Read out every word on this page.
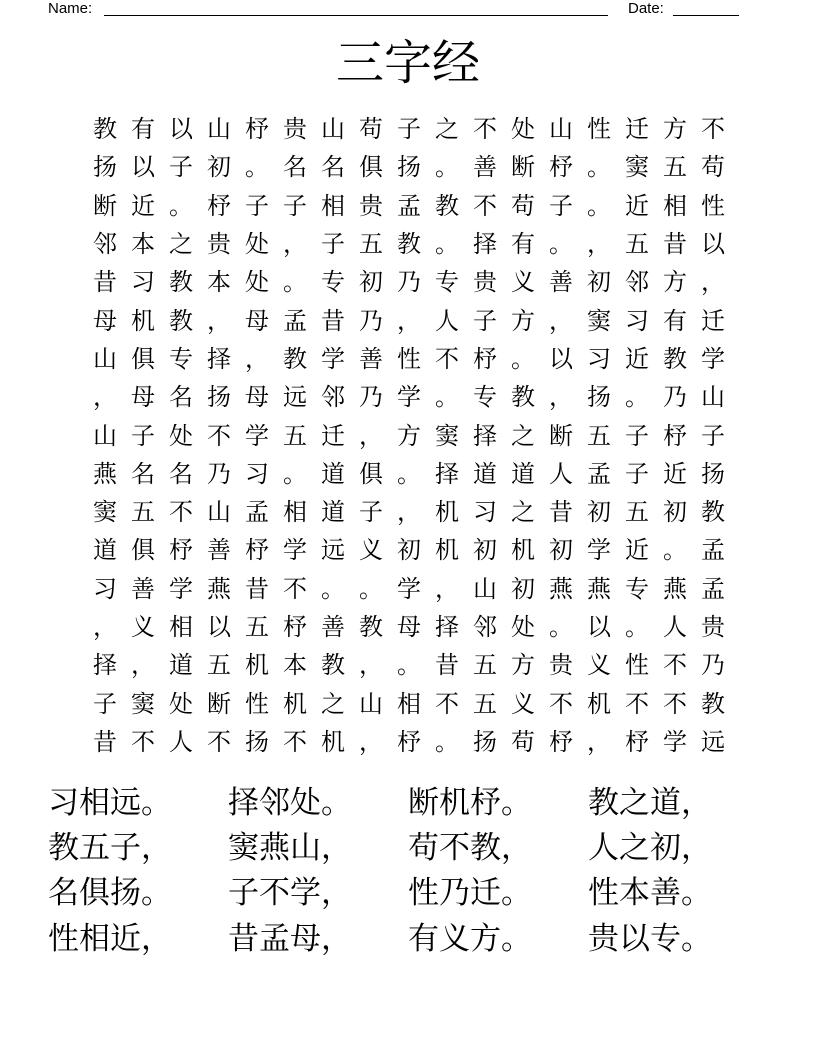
Name:	Date:
三字经
教 有 以 山 杼 贵 山 苟 子 之 不 处 山 性 迁 方 不
扬 以 子 初 。 名 名 俱 扬 。 善 断 杼 。 窦 五 苟
断 近 。 杼 子 子 相 贵 孟 教 不 苟 子 。 近 相 性
邻 本 之 贵 处 ， 子 五 教 。 择 有 。 ， 五 昔 以
昔 习 教 本 处 。 专 初 乃 专 贵 义 善 初 邻 方 ，
母 机 教 ， 母 孟 昔 乃 ， 人 子 方 ， 窦 习 有 迁
山 俱 专 择 ， 教 学 善 性 不 杼 。 以 习 近 教 学
， 母 名 扬 母 远 邻 乃 学 。 专 教 ， 扬 。 乃 山
山 子 处 不 学 五 迁 ， 方 窦 择 之 断 五 子 杼 子
燕 名 名 乃 习 。 道 俱 。 择 道 道 人 孟 子 近 扬
窦 五 不 山 孟 相 道 子 ， 机 习 之 昔 初 五 初 教
道 俱 杼 善 杼 学 远 义 初 机 初 机 初 学 近 。 孟
习 善 学 燕 昔 不 。 。 学 ， 山 初 燕 燕 专 燕 孟
， 义 相 以 五 杼 善 教 母 择 邻 处 。 以 。 人 贵
择 ， 道 五 机 本 教 ， 。 昔 五 方 贵 义 性 不 乃
子 窦 处 断 性 机 之 山 相 不 五 义 不 机 不 不 教
昔 不 人 不 扬 不 机 ， 杼 。 扬 苟 杼 ， 杼 学 远
习相远。	择邻处。	断机杼。	教之道，
教五子，	窦燕山，	苟不教，	人之初，
名俱扬。	子不学，	性乃迁。	性本善。
性相近，	昔孟母，	有义方。	贵以专。
